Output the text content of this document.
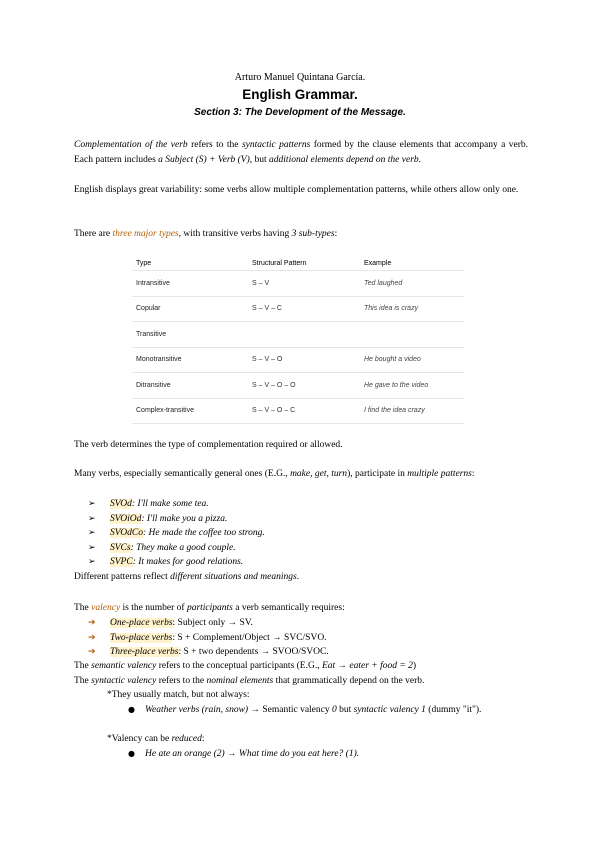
Arturo Manuel Quintana García.
English Grammar.
Section 3: The Development of the Message.
Complementation of the verb refers to the syntactic patterns formed by the clause elements that accompany a verb. Each pattern includes a Subject (S) + Verb (V), but additional elements depend on the verb.
English displays great variability: some verbs allow multiple complementation patterns, while others allow only one.
There are three major types, with transitive verbs having 3 sub-types:
Type	Structural Pattern	Example
Intransitive	S – V	Ted laughed
Copular	S – V – C	This idea is crazy
Transitive		
Monotransitive	S – V – O	He bought a video
Ditransitive	S – V – O – O	He gave to the video
Complex-transitive	S – V – O – C	I find the idea crazy
The verb determines the type of complementation required or allowed.
Many verbs, especially semantically general ones (E.G., make, get, turn), participate in multiple patterns:
➢	SVOd: I'll make some tea.
➢	SVOiOd: I'll make you a pizza.
➢	SVOdCo: He made the coffee too strong.
➢	SVCs: They make a good couple.
➢	SVPC: It makes for good relations.
Different patterns reflect different situations and meanings.
The valency is the number of participants a verb semantically requires:
➔	One-place verbs: Subject only → SV.
➔	Two-place verbs: S + Complement/Object → SVC/SVO.
➔	Three-place verbs: S + two dependents → SVOO/SVOC.
The semantic valency refers to the conceptual participants (E.G., Eat → eater + food = 2)
The syntactic valency refers to the nominal elements that grammatically depend on the verb.
*They usually match, but not always:
●	Weather verbs (rain, snow) → Semantic valency 0 but syntactic valency 1 (dummy "it").
*Valency can be reduced:
●	He ate an orange (2) → What time do you eat here? (1).
